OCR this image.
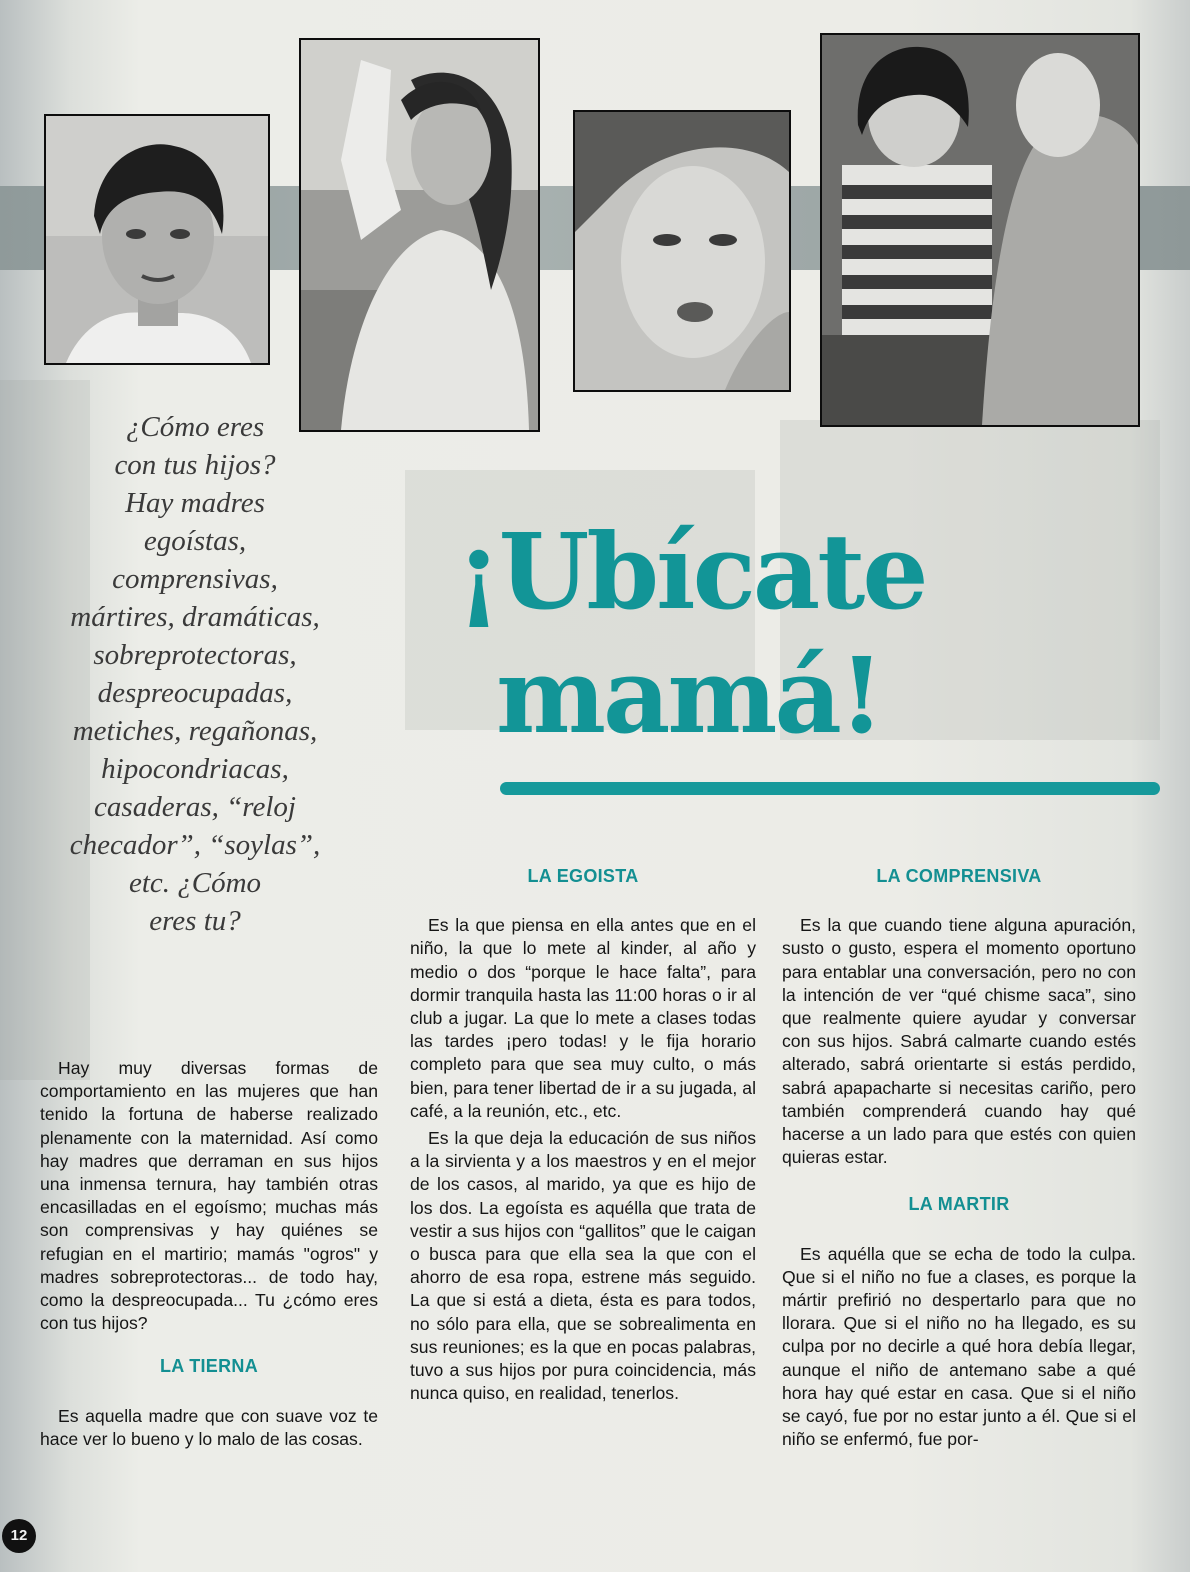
¿Cómo eres
con tus hijos?
Hay madres
egoístas,
comprensivas,
mártires, dramáticas,
sobreprotectoras,
despreocupadas,
metiches, regañonas,
hipocondriacas,
casaderas, “reloj
checador”, “soylas”,
etc. ¿Cómo
eres tu?
¡Ubícate
mamá!

Hay muy diversas formas de comportamiento en las mujeres que han tenido la fortuna de haberse realizado plenamente con la maternidad. Así como hay madres que derraman en sus hijos una inmensa ternura, hay también otras encasilladas en el egoísmo; muchas más son comprensivas y hay quiénes se refugian en el martirio; mamás "ogros" y madres sobreprotectoras... de todo hay, como la despreocupada... Tu ¿cómo eres con tus hijos?

LA TIERNA

Es aquella madre que con suave voz te hace ver lo bueno y lo malo de las cosas.

LA EGOISTA

Es la que piensa en ella antes que en el niño, la que lo mete al kinder, al año y medio o dos “porque le hace falta”, para dormir tranquila hasta las 11:00 horas o ir al club a jugar. La que lo mete a clases todas las tardes ¡pero todas! y le fija horario completo para que sea muy culto, o más bien, para tener libertad de ir a su jugada, al café, a la reunión, etc., etc.

Es la que deja la educación de sus niños a la sirvienta y a los maestros y en el mejor de los casos, al marido, ya que es hijo de los dos. La egoísta es aquélla que trata de vestir a sus hijos con “gallitos” que le caigan o busca para que ella sea la que con el ahorro de esa ropa, estrene más seguido. La que si está a dieta, ésta es para todos, no sólo para ella, que se sobrealimenta en sus reuniones; es la que en pocas palabras, tuvo a sus hijos por pura coincidencia, más nunca quiso, en realidad, tenerlos.

LA COMPRENSIVA

Es la que cuando tiene alguna apuración, susto o gusto, espera el momento oportuno para entablar una conversación, pero no con la intención de ver “qué chisme saca”, sino que realmente quiere ayudar y conversar con sus hijos. Sabrá calmarte cuando estés alterado, sabrá orientarte si estás perdido, sabrá apapacharte si necesitas cariño, pero también comprenderá cuando hay qué hacerse a un lado para que estés con quien quieras estar.

LA MARTIR

Es aquélla que se echa de todo la culpa. Que si el niño no fue a clases, es porque la mártir prefirió no despertarlo para que no llorara. Que si el niño no ha llegado, es su culpa por no decirle a qué hora debía llegar, aunque el niño de antemano sabe a qué hora hay qué estar en casa. Que si el niño se cayó, fue por no estar junto a él. Que si el niño se enfermó, fue por-

12
